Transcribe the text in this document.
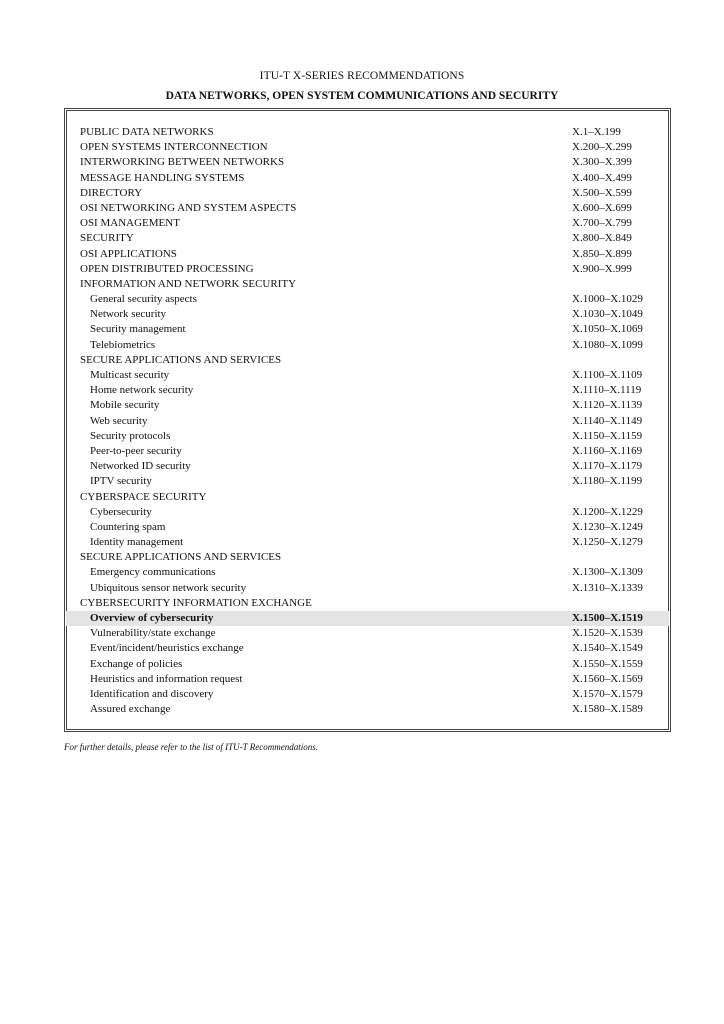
ITU-T X-SERIES RECOMMENDATIONS
DATA NETWORKS, OPEN SYSTEM COMMUNICATIONS AND SECURITY
PUBLIC DATA NETWORKS	X.1–X.199
OPEN SYSTEMS INTERCONNECTION	X.200–X.299
INTERWORKING BETWEEN NETWORKS	X.300–X.399
MESSAGE HANDLING SYSTEMS	X.400–X.499
DIRECTORY	X.500–X.599
OSI NETWORKING AND SYSTEM ASPECTS	X.600–X.699
OSI MANAGEMENT	X.700–X.799
SECURITY	X.800–X.849
OSI APPLICATIONS	X.850–X.899
OPEN DISTRIBUTED PROCESSING	X.900–X.999
INFORMATION AND NETWORK SECURITY
General security aspects	X.1000–X.1029
Network security	X.1030–X.1049
Security management	X.1050–X.1069
Telebiometrics	X.1080–X.1099
SECURE APPLICATIONS AND SERVICES
Multicast security	X.1100–X.1109
Home network security	X.1110–X.1119
Mobile security	X.1120–X.1139
Web security	X.1140–X.1149
Security protocols	X.1150–X.1159
Peer-to-peer security	X.1160–X.1169
Networked ID security	X.1170–X.1179
IPTV security	X.1180–X.1199
CYBERSPACE SECURITY
Cybersecurity	X.1200–X.1229
Countering spam	X.1230–X.1249
Identity management	X.1250–X.1279
SECURE APPLICATIONS AND SERVICES
Emergency communications	X.1300–X.1309
Ubiquitous sensor network security	X.1310–X.1339
CYBERSECURITY INFORMATION EXCHANGE
Overview of cybersecurity	X.1500–X.1519
Vulnerability/state exchange	X.1520–X.1539
Event/incident/heuristics exchange	X.1540–X.1549
Exchange of policies	X.1550–X.1559
Heuristics and information request	X.1560–X.1569
Identification and discovery	X.1570–X.1579
Assured exchange	X.1580–X.1589
For further details, please refer to the list of ITU-T Recommendations.
